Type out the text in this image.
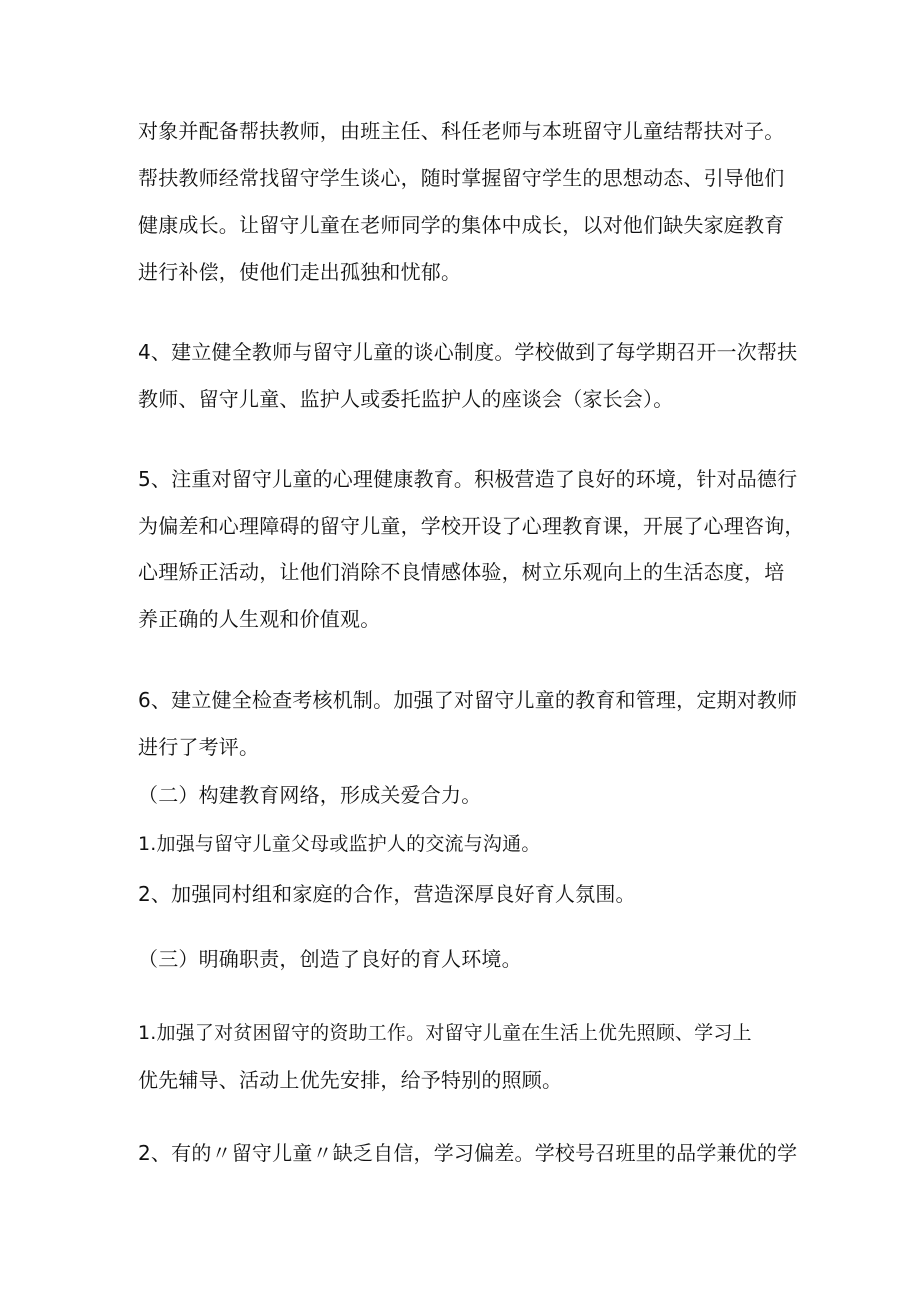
对象并配备帮扶教师，由班主任、科任老师与本班留守儿童结帮扶对子。
帮扶教师经常找留守学生谈心，随时掌握留守学生的思想动态、引导他们
健康成长。让留守儿童在老师同学的集体中成长，以对他们缺失家庭教育
进行补偿，使他们走出孤独和忧郁。
4、建立健全教师与留守儿童的谈心制度。学校做到了每学期召开一次帮扶
教师、留守儿童、监护人或委托监护人的座谈会（家长会）。
5、注重对留守儿童的心理健康教育。积极营造了良好的环境，针对品德行
为偏差和心理障碍的留守儿童，学校开设了心理教育课，开展了心理咨询，
心理矫正活动，让他们消除不良情感体验，树立乐观向上的生活态度，培
养正确的人生观和价值观。
6、建立健全检查考核机制。加强了对留守儿童的教育和管理，定期对教师
进行了考评。
（二）构建教育网络，形成关爱合力。
1.加强与留守儿童父母或监护人的交流与沟通。
2、加强同村组和家庭的合作，营造深厚良好育人氛围。
（三）明确职责，创造了良好的育人环境。
1.加强了对贫困留守的资助工作。对留守儿童在生活上优先照顾、学习上
优先辅导、活动上优先安排，给予特别的照顾。
2、有的〃留守儿童〃缺乏自信，学习偏差。学校号召班里的品学兼优的学
